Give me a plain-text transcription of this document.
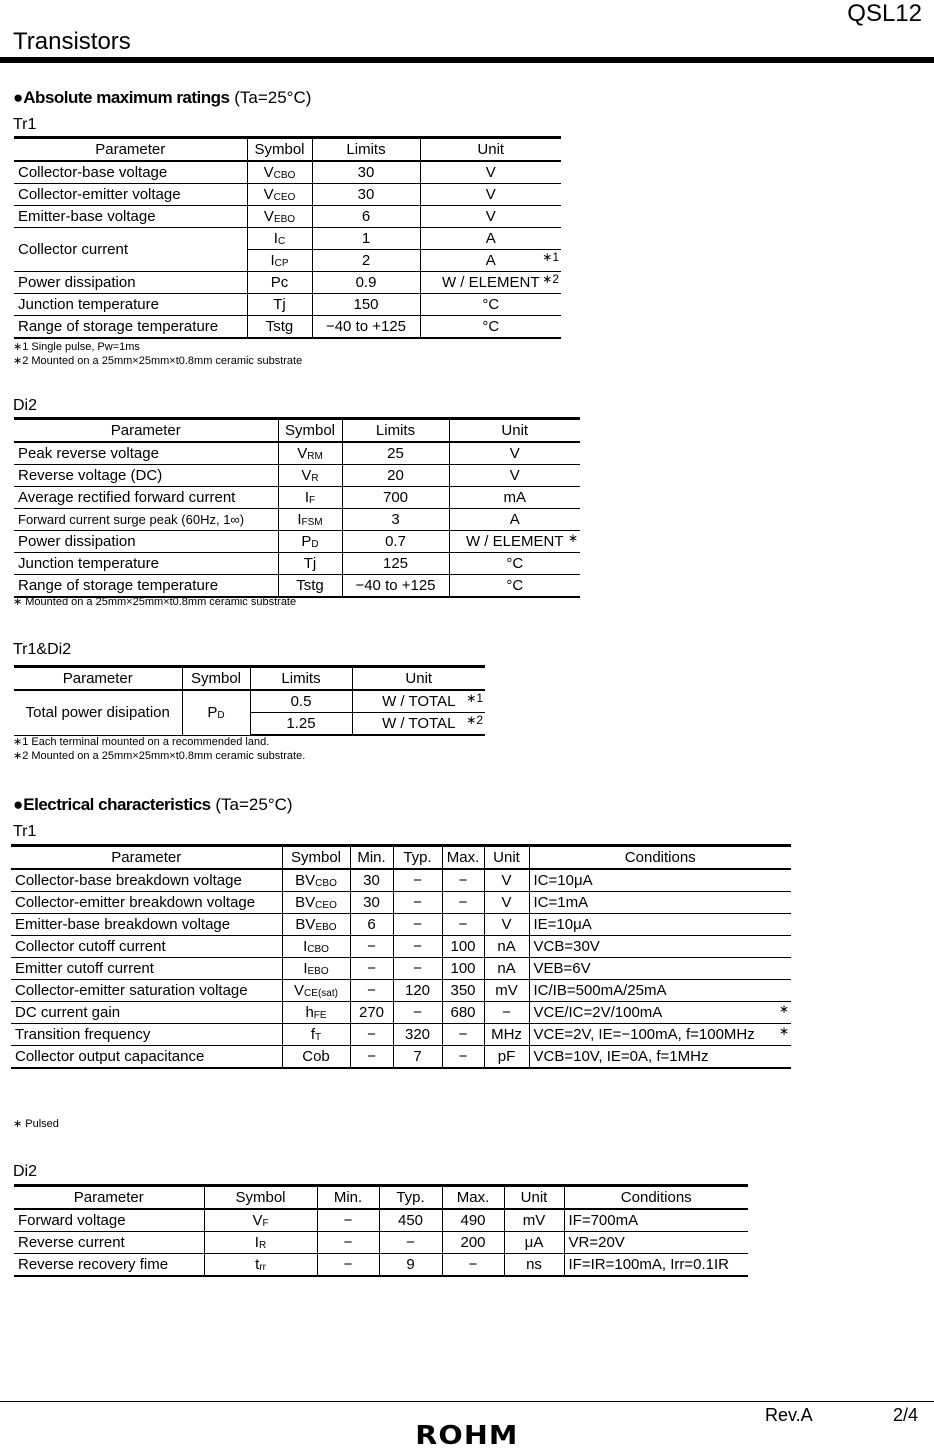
QSL12
Transistors
●Absolute maximum ratings (Ta=25°C)
Tr1
Parameter	Symbol	Limits	Unit
Collector-base voltage	$V_{CBO}$	30	V
Collector-emitter voltage	$V_{CEO}$	30	V
Emitter-base voltage	$V_{EBO}$	6	V
Collector current	$I_C$	1	A
	$I_{CP}$	2	A ∗1

Power dissipation	Pc	0.9	W / ELEMENT ∗2

Junction temperature	Tj	150	°C
Range of storage temperature	Tstg	−40 to +125	°C
∗1 Single pulse, Pw=1ms
∗2 Mounted on a 25mm×25mm×t0.8mm ceramic substrate
Di2
Parameter	Symbol	Limits	Unit
Peak reverse voltage	$V_{RM}$	25	V
Reverse voltage (DC)	$V_R$	20	V
Average rectified forward current	$I_F$	700	mA
Forward current surge peak (60Hz, 1∞)	$I_{FSM}$	3	A
Power dissipation	$P_D$	0.7	W / ELEMENT ∗

Junction temperature	Tj	125	°C
Range of storage temperature	Tstg	−40 to +125	°C
∗ Mounted on a 25mm×25mm×t0.8mm ceramic substrate
Tr1&Di2
Parameter	Symbol	Limits	Unit
Total power disipation	$P_D$	0.5	W / TOTAL ∗1

		1.25	W / TOTAL ∗2
∗1 Each terminal mounted on a recommended land.
∗2 Mounted on a 25mm×25mm×t0.8mm ceramic substrate.
●Electrical characteristics (Ta=25°C)
Tr1
Parameter	Symbol	Min.	Typ.	Max.	Unit	Conditions
Collector-base breakdown voltage	$BV_{CBO}$	30	−	−	V	IC=10μA
Collector-emitter breakdown voltage	$BV_{CEO}$	30	−	−	V	IC=1mA
Emitter-base breakdown voltage	$BV_{EBO}$	6	−	−	V	IE=10μA
Collector cutoff current	$I_{CBO}$	−	−	100	nA	VCB=30V
Emitter cutoff current	$I_{EBO}$	−	−	100	nA	VEB=6V
Collector-emitter saturation voltage	$V_{CE(sat)}$	−	120	350	mV	IC/IB=500mA/25mA
DC current gain	$h_{FE}$	270	−	680	−	VCE/IC=2V/100mA ∗

Transition frequency	$f_T$	−	320	−	MHz	VCE=2V, IE=−100mA, f=100MHz ∗

Collector output capacitance	Cob	−	7	−	pF	VCB=10V, IE=0A, f=1MHz
∗ Pulsed
Di2
Parameter	Symbol	Min.	Typ.	Max.	Unit	Conditions
Forward voltage	$V_F$	−	450	490	mV	IF=700mA
Reverse current	$I_R$	−	−	200	μA	VR=20V
Reverse recovery fime	$t_{rr}$	−	9	−	ns	IF=IR=100mA, Irr=0.1IR
Rev.A	2/4
ROHM
